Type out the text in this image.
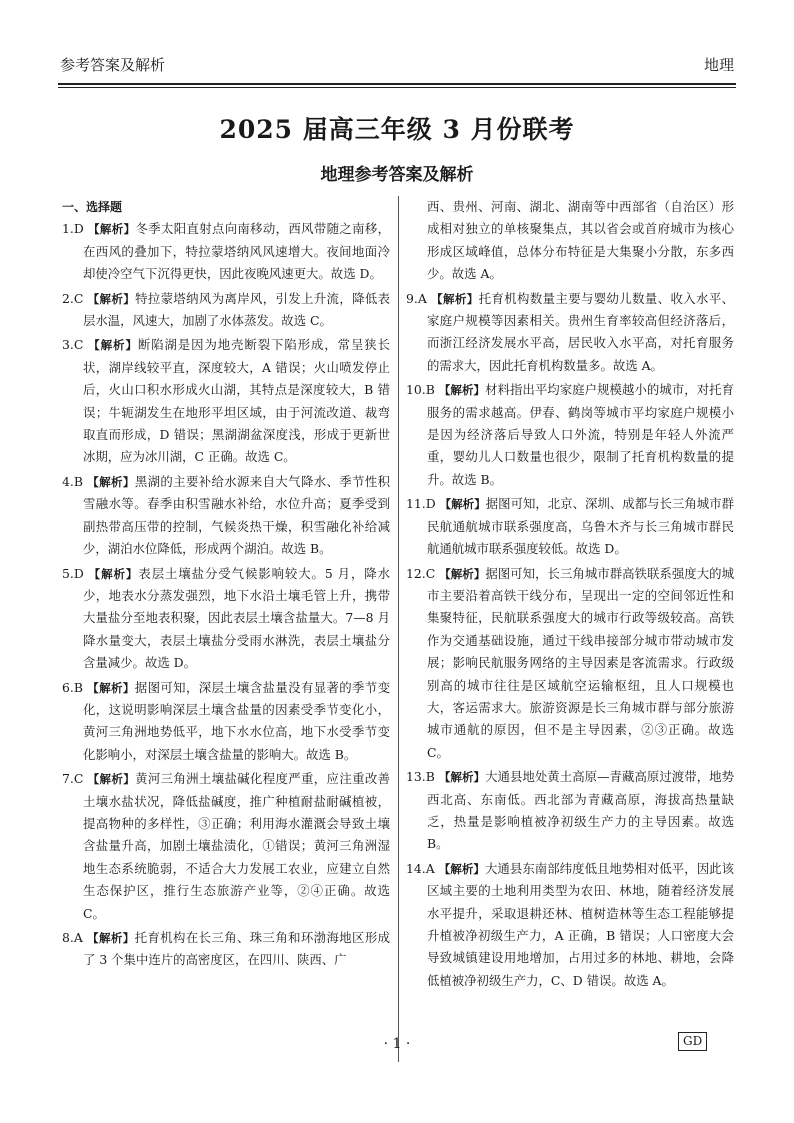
参考答案及解析	地理
2025 届高三年级 3 月份联考
地理参考答案及解析
一、选择题
1.D 【解析】冬季太阳直射点向南移动，西风带随之南移，在西风的叠加下，特拉蒙塔纳风风速增大。夜间地面冷却使冷空气下沉得更快，因此夜晚风速更大。故选 D。
2.C 【解析】特拉蒙塔纳风为离岸风，引发上升流，降低表层水温，风速大，加剧了水体蒸发。故选 C。
3.C 【解析】断陷湖是因为地壳断裂下陷形成，常呈狭长状，湖岸线较平直，深度较大，A 错误；火山喷发停止后，火山口积水形成火山湖，其特点是深度较大，B 错误；牛轭湖发生在地形平坦区域，由于河流改道、裁弯取直而形成，D 错误；黑湖湖盆深度浅，形成于更新世冰期，应为冰川湖，C 正确。故选 C。
4.B 【解析】黑湖的主要补给水源来自大气降水、季节性积雪融水等。春季由积雪融水补给，水位升高；夏季受到副热带高压带的控制，气候炎热干燥，积雪融化补给减少，湖泊水位降低，形成两个湖泊。故选 B。
5.D 【解析】表层土壤盐分受气候影响较大。5 月，降水少，地表水分蒸发强烈，地下水沿土壤毛管上升，携带大量盐分至地表积聚，因此表层土壤含盐量大。7—8 月降水量变大，表层土壤盐分受雨水淋洗，表层土壤盐分含量减少。故选 D。
6.B 【解析】据图可知，深层土壤含盐量没有显著的季节变化，这说明影响深层土壤含盐量的因素受季节变化小，黄河三角洲地势低平，地下水水位高，地下水受季节变化影响小，对深层土壤含盐量的影响大。故选 B。
7.C 【解析】黄河三角洲土壤盐碱化程度严重，应注重改善土壤水盐状况，降低盐碱度，推广种植耐盐耐碱植被，提高物种的多样性，③正确；利用海水灌溉会导致土壤含盐量升高，加剧土壤盐渍化，①错误；黄河三角洲湿地生态系统脆弱，不适合大力发展工农业，应建立自然生态保护区，推行生态旅游产业等，②④正确。故选 C。
8.A 【解析】托育机构在长三角、珠三角和环渤海地区形成了 3 个集中连片的高密度区，在四川、陕西、广
西、贵州、河南、湖北、湖南等中西部省（自治区）形成相对独立的单核聚集点，其以省会或首府城市为核心形成区域峰值，总体分布特征是大集聚小分散，东多西少。故选 A。
9.A 【解析】托育机构数量主要与婴幼儿数量、收入水平、家庭户规模等因素相关。贵州生育率较高但经济落后，而浙江经济发展水平高，居民收入水平高，对托育服务的需求大，因此托育机构数量多。故选 A。
10.B 【解析】材料指出平均家庭户规模越小的城市，对托育服务的需求越高。伊春、鹤岗等城市平均家庭户规模小是因为经济落后导致人口外流，特别是年轻人外流严重，婴幼儿人口数量也很少，限制了托育机构数量的提升。故选 B。
11.D 【解析】据图可知，北京、深圳、成都与长三角城市群民航通航城市联系强度高，乌鲁木齐与长三角城市群民航通航城市联系强度较低。故选 D。
12.C 【解析】据图可知，长三角城市群高铁联系强度大的城市主要沿着高铁干线分布，呈现出一定的空间邻近性和集聚特征，民航联系强度大的城市行政等级较高。高铁作为交通基础设施，通过干线串接部分城市带动城市发展；影响民航服务网络的主导因素是客流需求。行政级别高的城市往往是区域航空运输枢纽，且人口规模也大，客运需求大。旅游资源是长三角城市群与部分旅游城市通航的原因，但不是主导因素，②③正确。故选 C。
13.B 【解析】大通县地处黄土高原—青藏高原过渡带，地势西北高、东南低。西北部为青藏高原，海拔高热量缺乏，热量是影响植被净初级生产力的主导因素。故选 B。
14.A 【解析】大通县东南部纬度低且地势相对低平，因此该区域主要的土地利用类型为农田、林地，随着经济发展水平提升，采取退耕还林、植树造林等生态工程能够提升植被净初级生产力，A 正确，B 错误；人口密度大会导致城镇建设用地增加，占用过多的林地、耕地，会降低植被净初级生产力，C、D 错误。故选 A。
· 1 ·	GD
